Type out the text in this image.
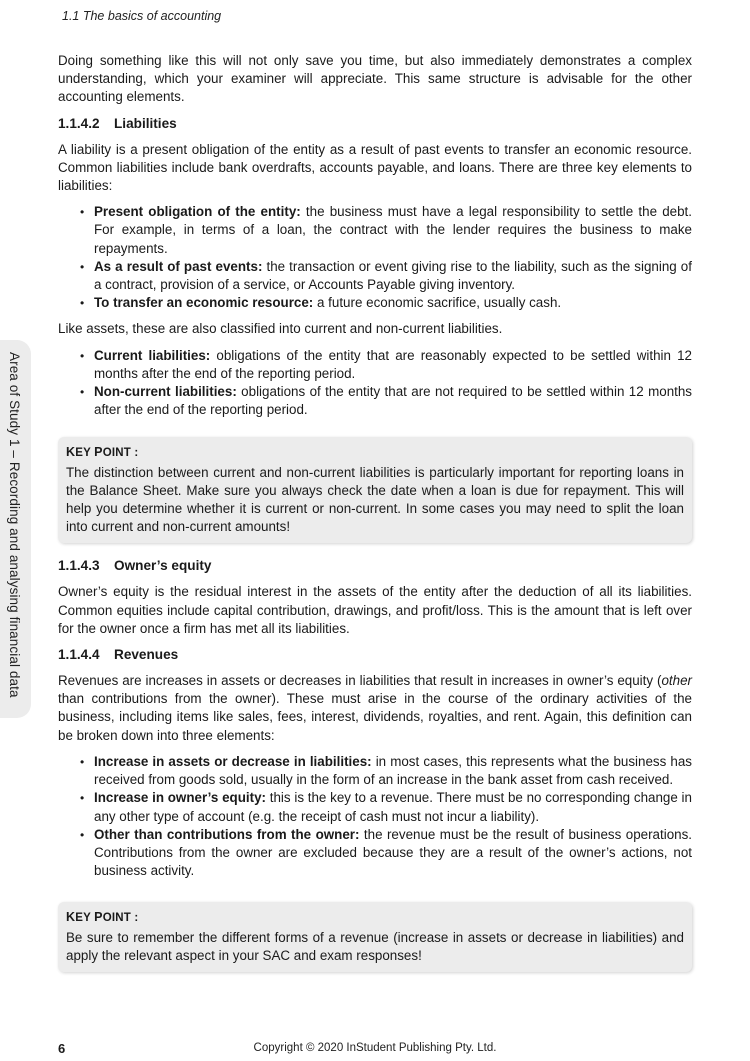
1.1 The basics of accounting
Area of Study 1 – Recording and analysing financial data

Doing something like this will not only save you time, but also immediately demonstrates a complex understanding, which your examiner will appreciate. This same structure is advisable for the other accounting elements.

1.1.4.2 Liabilities

A liability is a present obligation of the entity as a result of past events to transfer an economic resource. Common liabilities include bank overdrafts, accounts payable, and loans. There are three key elements to liabilities:

• Present obligation of the entity: the business must have a legal responsibility to settle the debt. For example, in terms of a loan, the contract with the lender requires the business to make repayments.
• As a result of past events: the transaction or event giving rise to the liability, such as the signing of a contract, provision of a service, or Accounts Payable giving inventory.
• To transfer an economic resource: a future economic sacrifice, usually cash.

Like assets, these are also classified into current and non-current liabilities.

• Current liabilities: obligations of the entity that are reasonably expected to be settled within 12 months after the end of the reporting period.
• Non-current liabilities: obligations of the entity that are not required to be settled within 12 months after the end of the reporting period.
KEY POINT :
The distinction between current and non-current liabilities is particularly important for reporting loans in the Balance Sheet. Make sure you always check the date when a loan is due for repayment. This will help you determine whether it is current or non-current. In some cases you may need to split the loan into current and non-current amounts!
1.1.4.3 Owner’s equity

Owner’s equity is the residual interest in the assets of the entity after the deduction of all its liabilities. Common equities include capital contribution, drawings, and profit/loss. This is the amount that is left over for the owner once a firm has met all its liabilities.

1.1.4.4 Revenues

Revenues are increases in assets or decreases in liabilities that result in increases in owner’s equity (other than contributions from the owner). These must arise in the course of the ordinary activities of the business, including items like sales, fees, interest, dividends, royalties, and rent. Again, this definition can be broken down into three elements:

• Increase in assets or decrease in liabilities: in most cases, this represents what the business has received from goods sold, usually in the form of an increase in the bank asset from cash received.
• Increase in owner’s equity: this is the key to a revenue. There must be no corresponding change in any other type of account (e.g. the receipt of cash must not incur a liability).
• Other than contributions from the owner: the revenue must be the result of business operations. Contributions from the owner are excluded because they are a result of the owner’s actions, not business activity.
KEY POINT :
Be sure to remember the different forms of a revenue (increase in assets or decrease in liabilities) and apply the relevant aspect in your SAC and exam responses!
6	Copyright © 2020 InStudent Publishing Pty. Ltd.
